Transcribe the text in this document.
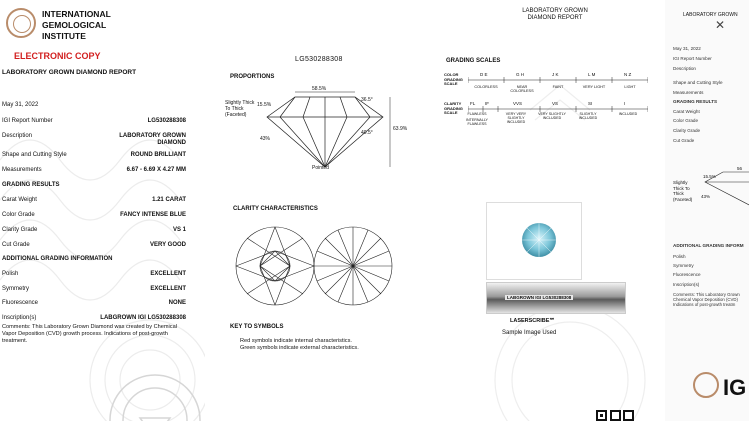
INTERNATIONAL
GEMOLOGICAL
INSTITUTE
ELECTRONIC COPY
LABORATORY GROWN DIAMOND REPORT
May 31, 2022
IGI Report Number	LG530288308
Description	LABORATORY GROWN
DIAMOND
Shape and Cutting Style	ROUND BRILLIANT
Measurements	6.67 - 6.69 X 4.27 MM
GRADING RESULTS
Carat Weight	1.21 CARAT
Color Grade	FANCY INTENSE BLUE
Clarity Grade	VS 1
Cut Grade	VERY GOOD
ADDITIONAL GRADING INFORMATION
Polish	EXCELLENT
Symmetry	EXCELLENT
Fluorescence	NONE
Inscription(s)	LABGROWN IGI LG530288308
Comments: This Laboratory Grown Diamond was created by Chemical Vapor Deposition (CVD) growth process. Indications of post-growth treatment.
LG530288308
PROPORTIONS
58.5%
36.5°
15.5%
63.9%
40.5°
43%
Slightly Thick To Thick (Faceted)
Pointed
CLARITY CHARACTERISTICS
KEY TO SYMBOLS
Red symbols indicate internal characteristics.
Green symbols indicate external characteristics.
LABORATORY GROWN
DIAMOND REPORT
GRADING SCALES
COLOR GRADING SCALE
D E	G H	J K	L M	N Z
COLORLESS	NEAR COLORLESS
FAINT	VERY LIGHT	LIGHT
CLARITY GRADING SCALE
FL IF	VVS	VS	SI	I
FLAWLESS
INTERNALLY FLAWLESS
VERY VERY SLIGHTLY INCLUDED
VERY SLIGHTLY INCLUDED
SLIGHTLY INCLUDED
INCLUDED
LABGROWN IGI LG530288308
LASERSCRIBE℠
Sample Image Used
LABORATORY GROWN
✕
May 31, 2022
IGI Report Number
Description
Shape and Cutting Style
Measurements
GRADING RESULTS
Carat Weight
Color Grade
Clarity Grade
Cut Grade
15.5%
56
43%
Slightly Thick To Thick (Faceted)
ADDITIONAL GRADING INFORM
Polish
Symmetry
Fluorescence
Inscription(s)
Comments: This Laboratory Grown Chemical Vapor Deposition (CVD) Indications of post-growth treatm
IG
